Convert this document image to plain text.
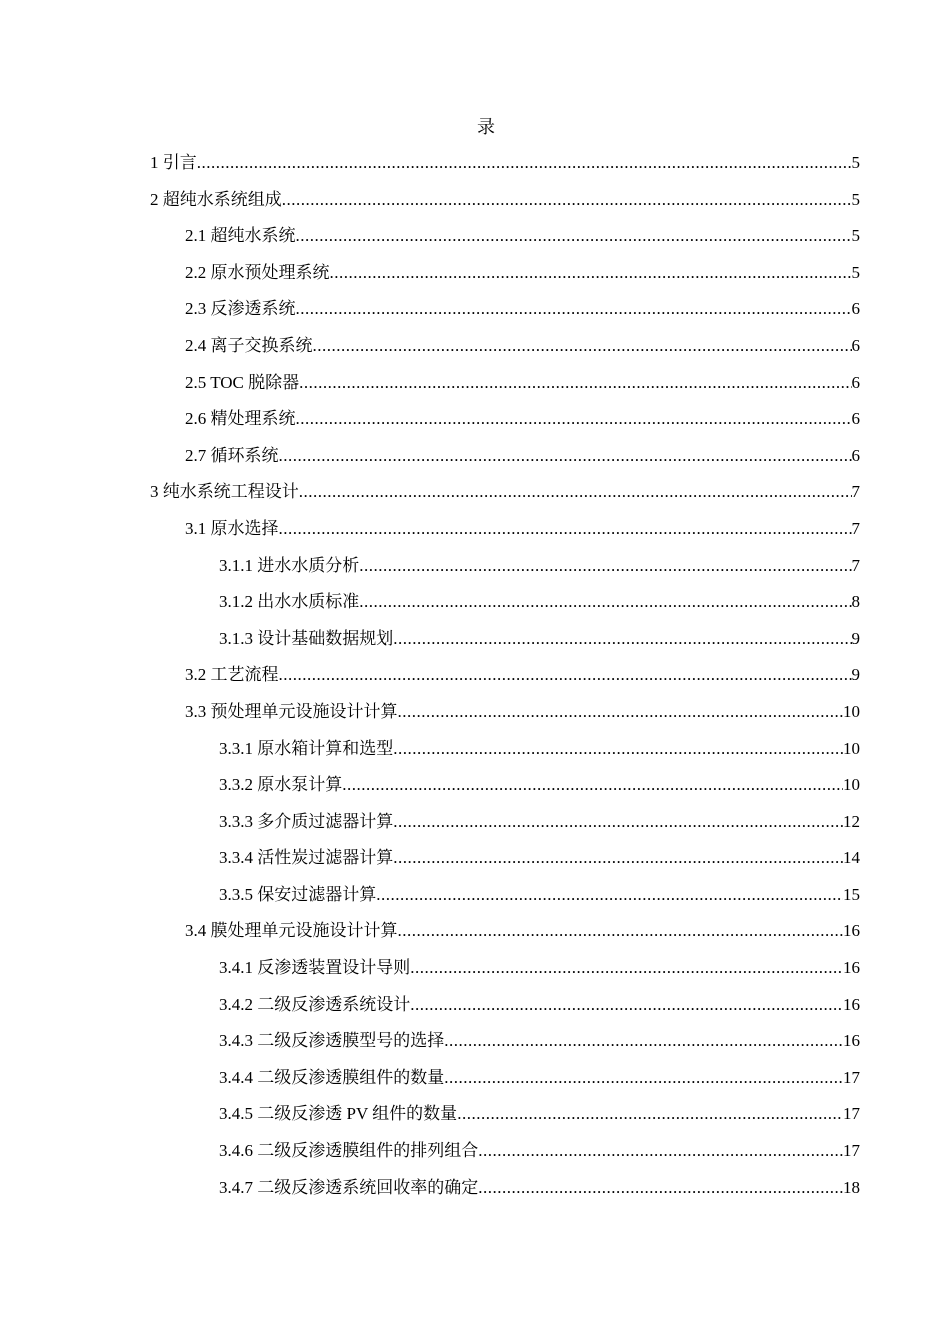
录
1 引言 .....	5
2 超纯水系统组成 .....	5
2.1 超纯水系统 .....	5
2.2 原水预处理系统 .....	5
2.3 反渗透系统 .....	6
2.4 离子交换系统 .....	6
2.5 TOC 脱除器 .....	6
2.6 精处理系统 .....	6
2.7 循环系统 .....	6
3 纯水系统工程设计 .....	7
3.1 原水选择 .....	7
3.1.1 进水水质分析 .....	7
3.1.2 出水水质标准 .....	8
3.1.3 设计基础数据规划 .....	9
3.2 工艺流程 .....	9
3.3 预处理单元设施设计计算 .....	10
3.3.1 原水箱计算和选型 .....	10
3.3.2 原水泵计算 .....	10
3.3.3 多介质过滤器计算 .....	12
3.3.4 活性炭过滤器计算 .....	14
3.3.5 保安过滤器计算 .....	15
3.4 膜处理单元设施设计计算 .....	16
3.4.1 反渗透装置设计导则 .....	16
3.4.2 二级反渗透系统设计 .....	16
3.4.3 二级反渗透膜型号的选择 .....	16
3.4.4 二级反渗透膜组件的数量 .....	17
3.4.5 二级反渗透 PV 组件的数量 .....	17
3.4.6 二级反渗透膜组件的排列组合 .....	17
3.4.7 二级反渗透系统回收率的确定 .....	18
